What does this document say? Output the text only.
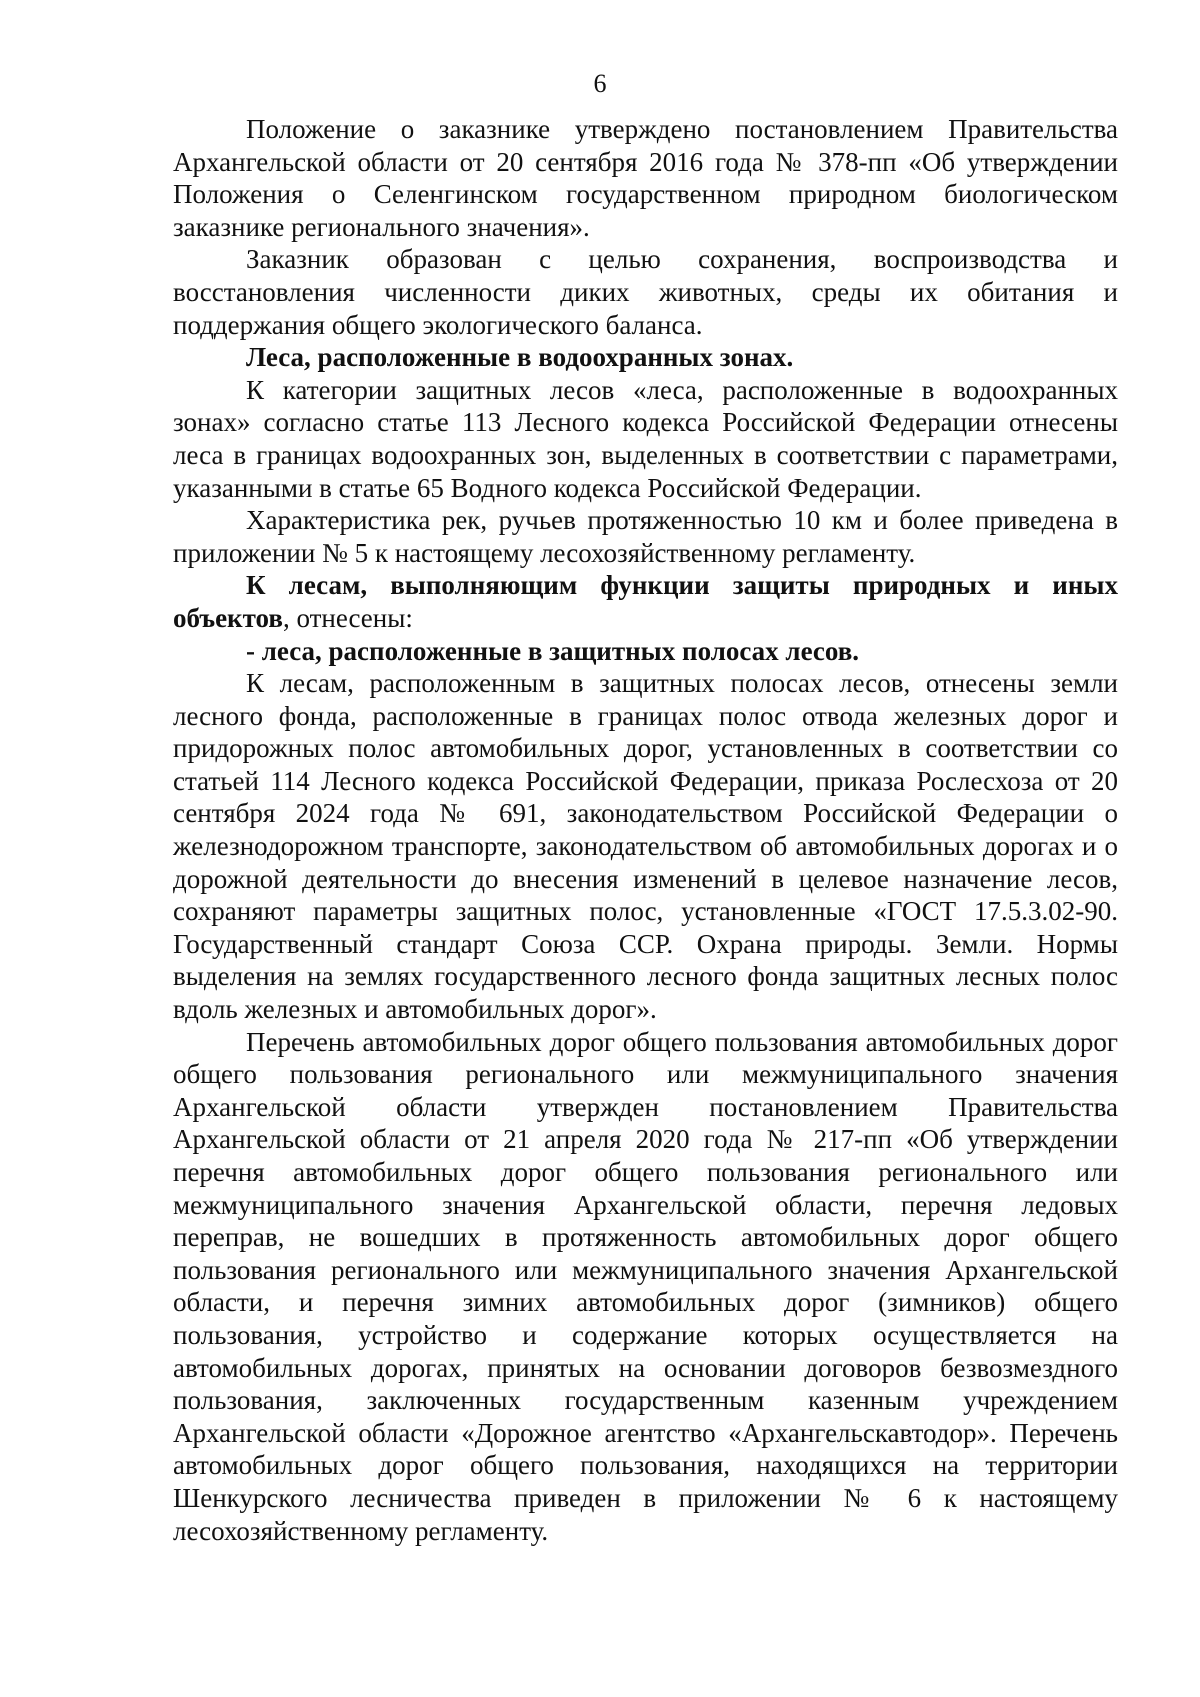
6

Положение о заказнике утверждено постановлением Правительства Архангельской области от 20 сентября 2016 года № 378-пп «Об утверждении Положения о Селенгинском государственном природном биологическом заказнике регионального значения».

Заказник образован с целью сохранения, воспроизводства и восстановления численности диких животных, среды их обитания и поддержания общего экологического баланса.

Леса, расположенные в водоохранных зонах.

К категории защитных лесов «леса, расположенные в водоохранных зонах» согласно статье 113 Лесного кодекса Российской Федерации отнесены леса в границах водоохранных зон, выделенных в соответствии с параметрами, указанными в статье 65 Водного кодекса Российской Федерации.

Характеристика рек, ручьев протяженностью 10 км и более приведена в приложении № 5 к настоящему лесохозяйственному регламенту.

К лесам, выполняющим функции защиты природных и иных объектов, отнесены:

- леса, расположенные в защитных полосах лесов.

К лесам, расположенным в защитных полосах лесов, отнесены земли лесного фонда, расположенные в границах полос отвода железных дорог и придорожных полос автомобильных дорог, установленных в соответствии со статьей 114 Лесного кодекса Российской Федерации, приказа Рослесхоза от 20 сентября 2024 года № 691, законодательством Российской Федерации о железнодорожном транспорте, законодательством об автомобильных дорогах и о дорожной деятельности до внесения изменений в целевое назначение лесов, сохраняют параметры защитных полос, установленные «ГОСТ 17.5.3.02-90. Государственный стандарт Союза ССР. Охрана природы. Земли. Нормы выделения на землях государственного лесного фонда защитных лесных полос вдоль железных и автомобильных дорог».

Перечень автомобильных дорог общего пользования автомобильных дорог общего пользования регионального или межмуниципального значения Архангельской области утвержден постановлением Правительства Архангельской области от 21 апреля 2020 года № 217-пп «Об утверждении перечня автомобильных дорог общего пользования регионального или межмуниципального значения Архангельской области, перечня ледовых переправ, не вошедших в протяженность автомобильных дорог общего пользования регионального или межмуниципального значения Архангельской области, и перечня зимних автомобильных дорог (зимников) общего пользования, устройство и содержание которых осуществляется на автомобильных дорогах, принятых на основании договоров безвозмездного пользования, заключенных государственным казенным учреждением Архангельской области «Дорожное агентство «Архангельскавтодор». Перечень автомобильных дорог общего пользования, находящихся на территории Шенкурского лесничества приведен в приложении № 6 к настоящему лесохозяйственному регламенту.
